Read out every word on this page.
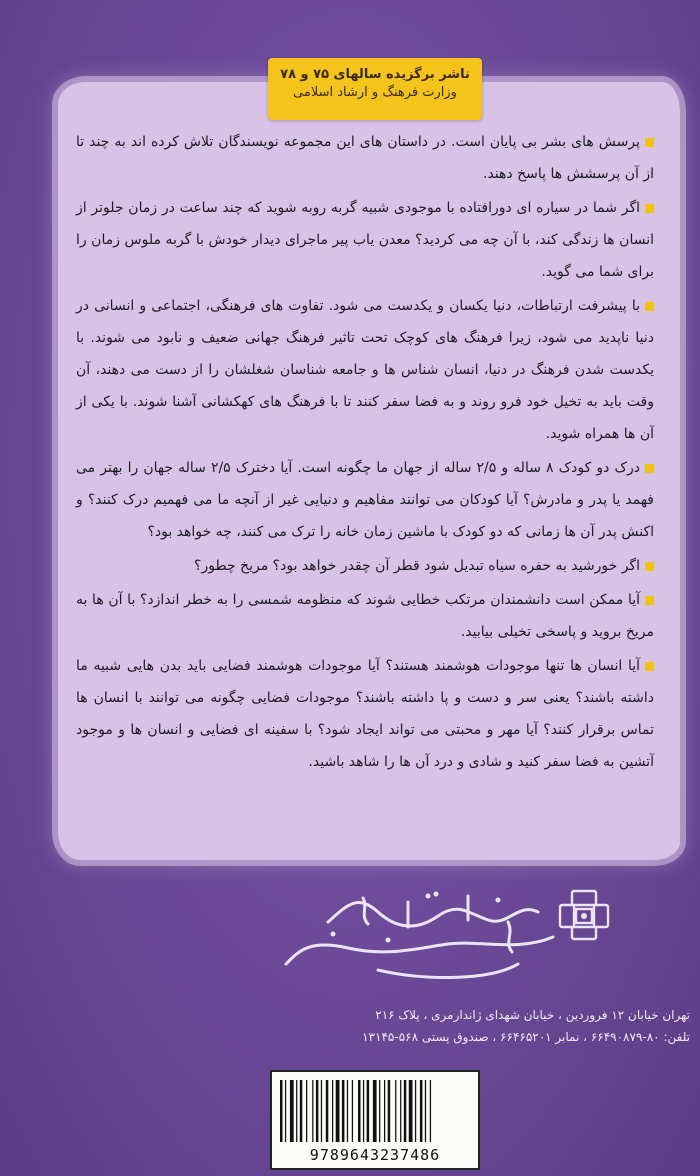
ناشر برگزیده سالهای ۷۵ و ۷۸
وزارت فرهنگ و ارشاد اسلامی

پرسش های بشر بی پایان است. در داستان های این مجموعه نویسندگان تلاش کرده اند به چند تا از آن پرسشش ها پاسخ دهند.

اگر شما در سیاره ای دورافتاده با موجودی شبیه گربه روبه شوید که چند ساعت در زمان جلوتر از انسان ها زندگی کند، با آن چه می کردید؟ معدن یاب پیر ماجرای دیدار خودش با گربه ملوس زمان را برای شما می گوید.

با پیشرفت ارتباطات، دنیا یکسان و یکدست می شود. تفاوت های فرهنگی، اجتماعی و انسانی در دنیا ناپدید می شود، زیرا فرهنگ های کوچک تحت تاثیر فرهنگ جهانی ضعیف و نابود می شوند. با یکدست شدن فرهنگ در دنیا، انسان شناس ها و جامعه شناسان شغلشان را از دست می دهند، آن وقت باید به تخیل خود فرو روند و به فضا سفر کنند تا با فرهنگ های کهکشانی آشنا شوند. با یکی از آن ها همراه شوید.

درک دو کودک ۸ ساله و ۲/۵ ساله از جهان ما چگونه است. آیا دخترک ۲/۵ ساله جهان را بهتر می فهمد یا پدر و مادرش؟ آیا کودکان می توانند مفاهیم و دنیایی غیر از آنچه ما می فهمیم درک کنند؟ و اکنش پدر آن ها زمانی که دو کودک با ماشین زمان خانه را ترک می کنند، چه خواهد بود؟

اگر خورشید به حفره سیاه تبدیل شود قطر آن چقدر خواهد بود؟ مریخ چطور؟

آیا ممکن است دانشمندان مرتکب خطایی شوند که منظومه شمسی را به خطر اندازد؟ با آن ها به مریخ بروید و پاسخی تخیلی بیابید.

آیا انسان ها تنها موجودات هوشمند هستند؟ آیا موجودات هوشمند فضایی باید بدن هایی شبیه ما داشته باشند؟ یعنی سر و دست و پا داشته باشند؟ موجودات فضایی چگونه می توانند با انسان ها تماس برقرار کنند؟ آیا مهر و محبتی می تواند ایجاد شود؟ با سفینه ای فضایی و انسان ها و موجود آتشین به فضا سفر کنید و شادی و درد آن ها را شاهد باشید.

تهران خیابان ۱۲ فروردین ، خیابان شهدای ژاندارمری ، پلاک ۲۱۶
تلفن: ۸۰-۶۶۴۹۰۸۷۹ ، نمابر ۶۶۴۶۵۲۰۱ ، صندوق پستی ۵۶۸-۱۳۱۴۵
9789643237486
